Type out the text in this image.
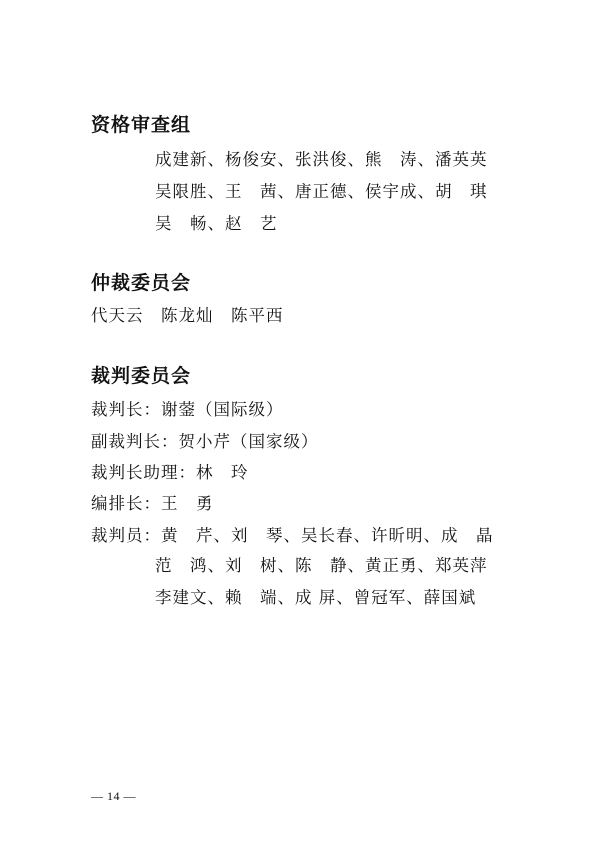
资格审查组
成建新、杨俊安、张洪俊、熊　涛、潘英英
吴限胜、王　茜、唐正德、侯宇成、胡　琪
吴　畅、赵　艺
仲裁委员会
代天云　陈龙灿　陈平西
裁判委员会
裁判长：谢蓥（国际级）
副裁判长：贺小芹（国家级）
裁判长助理：林　玲
编排长：王　勇
裁判员：黄　芹、刘　琴、吴长春、许昕明、成　晶
范　鸿、刘　树、陈　静、黄正勇、郑英萍
李建文、赖　端、成 屏、曾冠军、薛国斌
— 14 —
